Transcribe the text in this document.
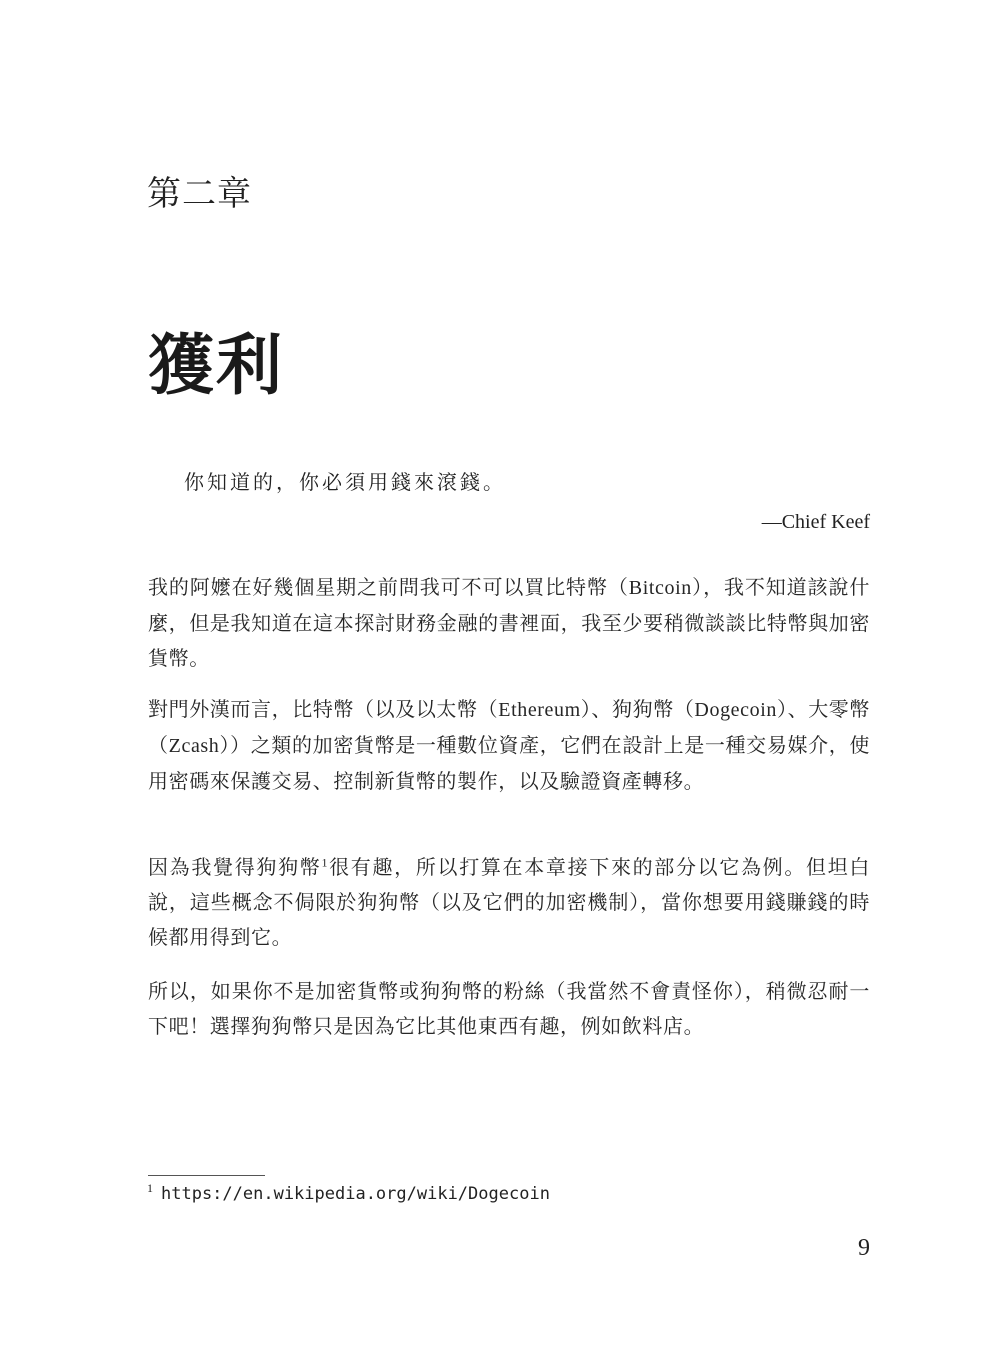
第二章
獲利
你知道的，你必須用錢來滾錢。
—Chief Keef
我的阿嬤在好幾個星期之前問我可不可以買比特幣（Bitcoin），我不知道該說什麼，但是我知道在這本探討財務金融的書裡面，我至少要稍微談談比特幣與加密貨幣。
對門外漢而言，比特幣（以及以太幣（Ethereum）、狗狗幣（Dogecoin）、大零幣（Zcash））之類的加密貨幣是一種數位資產，它們在設計上是一種交易媒介，使用密碼來保護交易、控制新貨幣的製作，以及驗證資產轉移。
因為我覺得狗狗幣$^1$很有趣，所以打算在本章接下來的部分以它為例。但坦白說，這些概念不侷限於狗狗幣（以及它們的加密機制），當你想要用錢賺錢的時候都用得到它。
所以，如果你不是加密貨幣或狗狗幣的粉絲（我當然不會責怪你），稍微忍耐一下吧！選擇狗狗幣只是因為它比其他東西有趣，例如飲料店。
$^1$ https://en.wikipedia.org/wiki/Dogecoin
9
